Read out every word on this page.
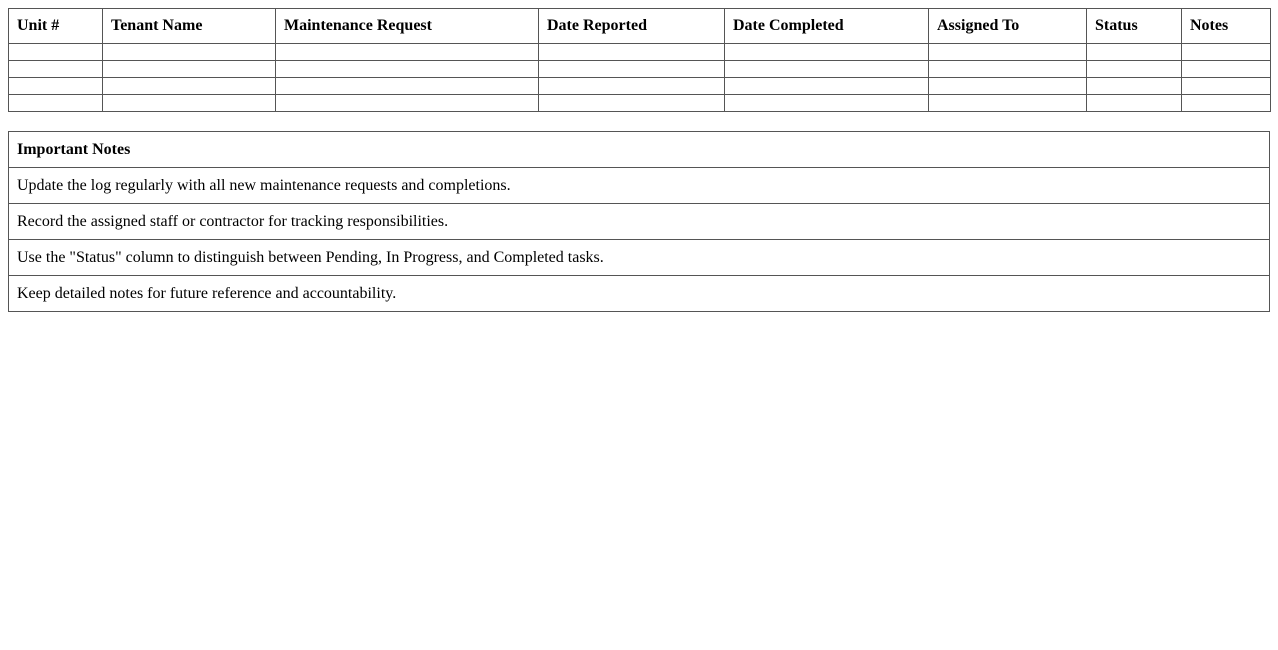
Unit #	Tenant Name	Maintenance Request	Date Reported	Date Completed	Assigned To	Status	Notes

Important Notes
Update the log regularly with all new maintenance requests and completions.
Record the assigned staff or contractor for tracking responsibilities.
Use the "Status" column to distinguish between Pending, In Progress, and Completed tasks.
Keep detailed notes for future reference and accountability.
